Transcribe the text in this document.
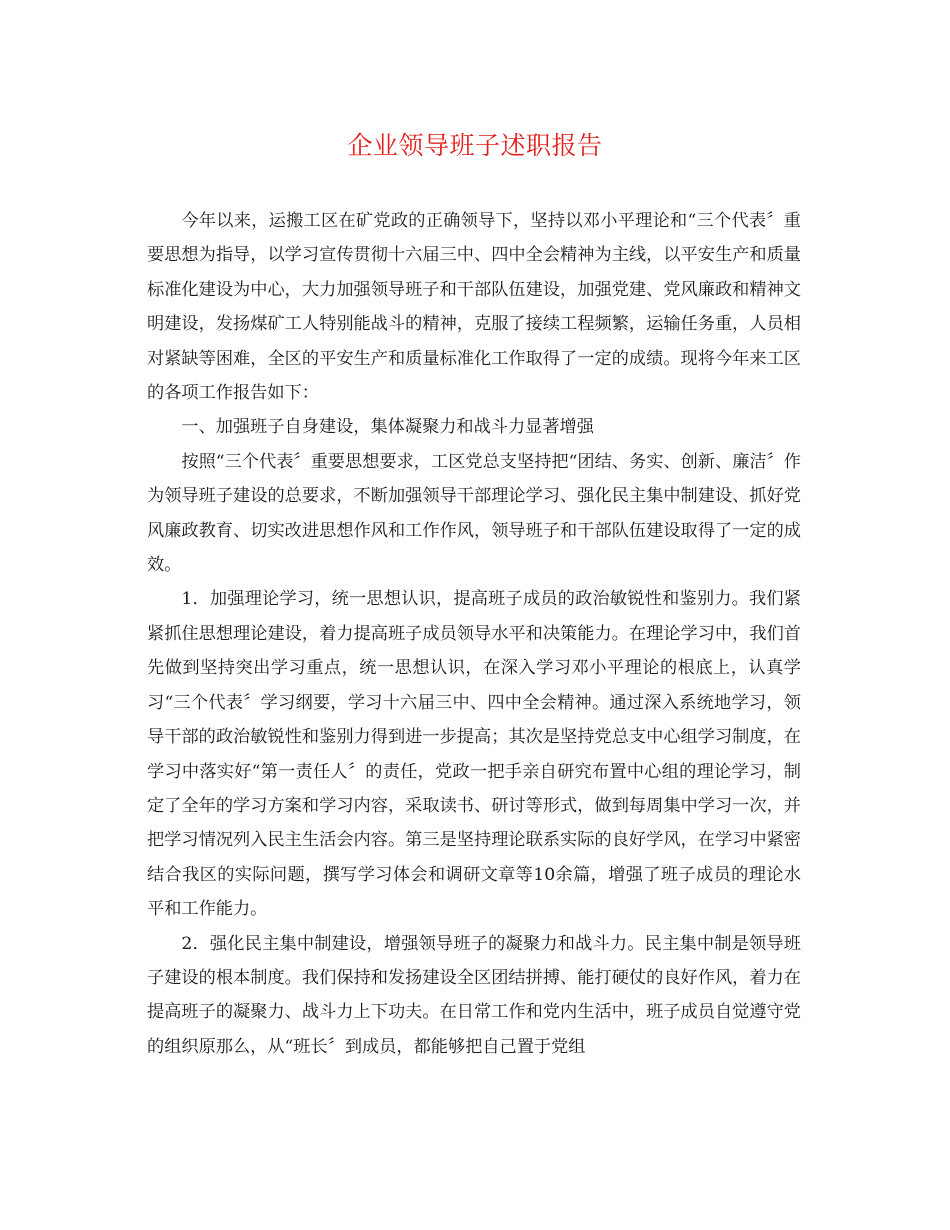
企业领导班子述职报告

今年以来，运搬工区在矿党政的正确领导下，坚持以邓小平理论和“三个代表〞重要思想为指导，以学习宣传贯彻十六届三中、四中全会精神为主线，以平安生产和质量标准化建设为中心，大力加强领导班子和干部队伍建设，加强党建、党风廉政和精神文明建设，发扬煤矿工人特别能战斗的精神，克服了接续工程频繁，运输任务重，人员相对紧缺等困难，全区的平安生产和质量标准化工作取得了一定的成绩。现将今年来工区的各项工作报告如下：

一、加强班子自身建设，集体凝聚力和战斗力显著增强

按照“三个代表〞重要思想要求，工区党总支坚持把“团结、务实、创新、廉洁〞作为领导班子建设的总要求，不断加强领导干部理论学习、强化民主集中制建设、抓好党风廉政教育、切实改进思想作风和工作作风，领导班子和干部队伍建设取得了一定的成效。

1．加强理论学习，统一思想认识，提高班子成员的政治敏锐性和鉴别力。我们紧紧抓住思想理论建设，着力提高班子成员领导水平和决策能力。在理论学习中，我们首先做到坚持突出学习重点，统一思想认识，在深入学习邓小平理论的根底上，认真学习“三个代表〞学习纲要，学习十六届三中、四中全会精神。通过深入系统地学习，领导干部的政治敏锐性和鉴别力得到进一步提高；其次是坚持党总支中心组学习制度，在学习中落实好“第一责任人〞的责任，党政一把手亲自研究布置中心组的理论学习，制定了全年的学习方案和学习内容，采取读书、研讨等形式，做到每周集中学习一次，并把学习情况列入民主生活会内容。第三是坚持理论联系实际的良好学风，在学习中紧密结合我区的实际问题，撰写学习体会和调研文章等10余篇，增强了班子成员的理论水平和工作能力。

2．强化民主集中制建设，增强领导班子的凝聚力和战斗力。民主集中制是领导班子建设的根本制度。我们保持和发扬建设全区团结拼搏、能打硬仗的良好作风，着力在提高班子的凝聚力、战斗力上下功夫。在日常工作和党内生活中，班子成员自觉遵守党的组织原那么，从“班长〞到成员，都能够把自己置于党组
